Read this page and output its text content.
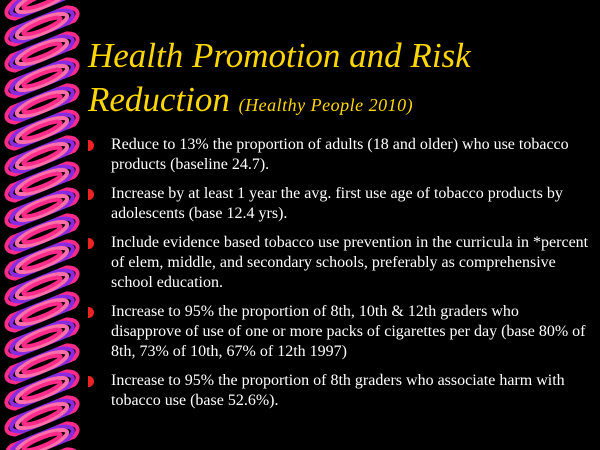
Health Promotion and Risk Reduction (Healthy People 2010)
Reduce to 13% the proportion of adults (18 and older) who use tobacco products (baseline 24.7).
Increase by at least 1 year the avg. first use age of tobacco products by adolescents (base 12.4 yrs).
Include evidence based tobacco use prevention in the curricula in *percent of elem, middle, and secondary schools, preferably as comprehensive school education.
Increase to 95% the proportion of 8th, 10th & 12th graders who disapprove of use of one or more packs of cigarettes per day (base 80% of 8th, 73% of 10th, 67% of 12th 1997)
Increase to 95% the proportion of 8th graders who associate harm with tobacco use (base 52.6%).
